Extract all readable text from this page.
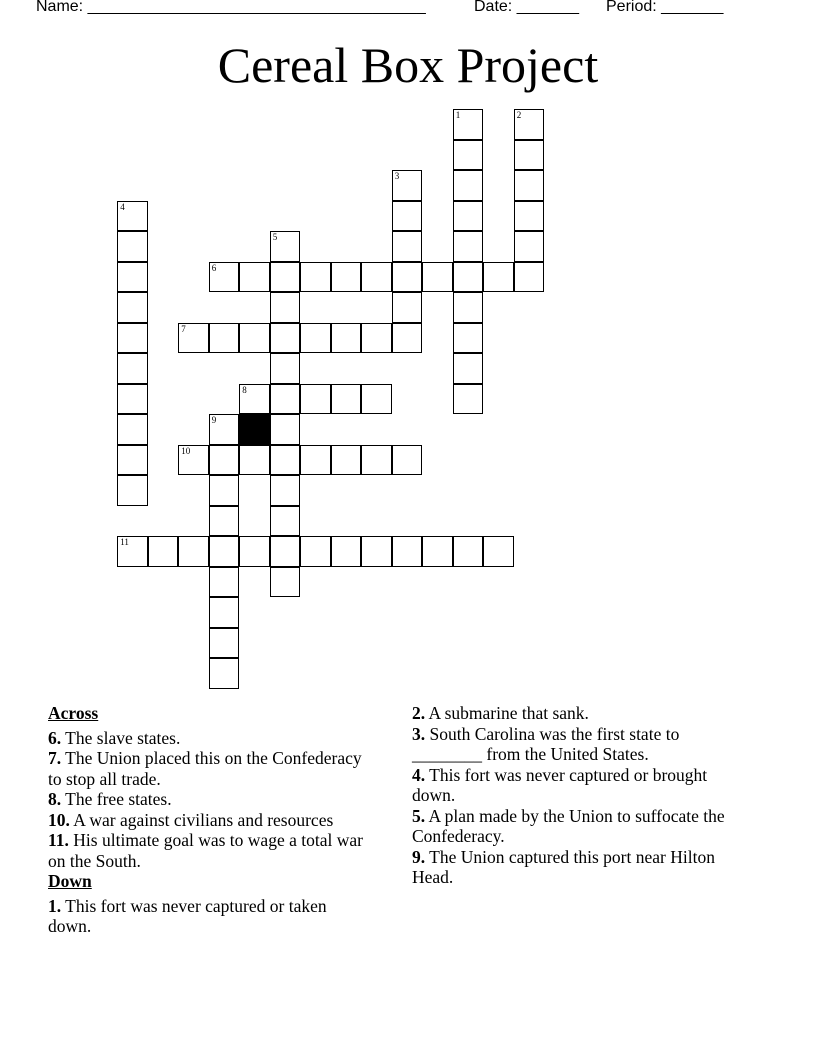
Name: ______________________________________	Date: _______ Period: _______
Cereal Box Project
1	2
3
4
5
6
7
8
9
10
11
Across
6. The slave states.
7. The Union placed this on the Confederacy to stop all trade.
8. The free states.
10. A war against civilians and resources
11. His ultimate goal was to wage a total war on the South.
Down
1. This fort was never captured or taken down.
2. A submarine that sank.
3. South Carolina was the first state to ________ from the United States.
4. This fort was never captured or brought down.
5. A plan made by the Union to suffocate the Confederacy.
9. The Union captured this port near Hilton Head.
